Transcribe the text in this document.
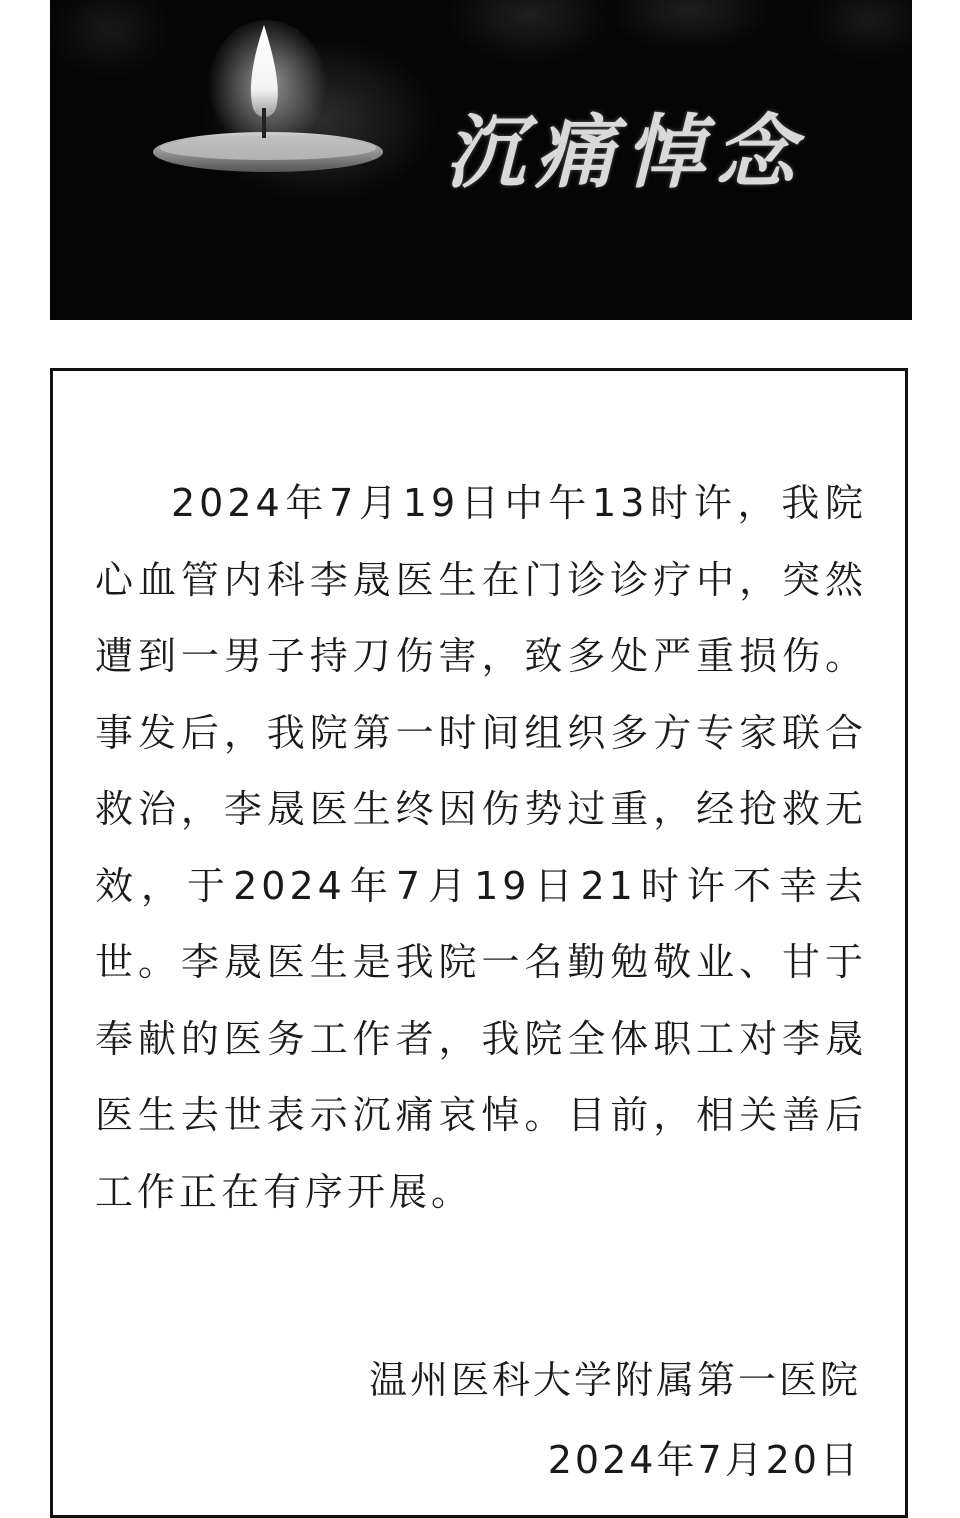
沉痛悼念

2024年7月19日中午13时许，我院心血管内科李晟医生在门诊诊疗中，突然遭到一男子持刀伤害，致多处严重损伤。事发后，我院第一时间组织多方专家联合救治，李晟医生终因伤势过重，经抢救无效，于2024年7月19日21时许不幸去世。李晟医生是我院一名勤勉敬业、甘于奉献的医务工作者，我院全体职工对李晟医生去世表示沉痛哀悼。目前，相关善后工作正在有序开展。

温州医科大学附属第一医院

2024年7月20日
